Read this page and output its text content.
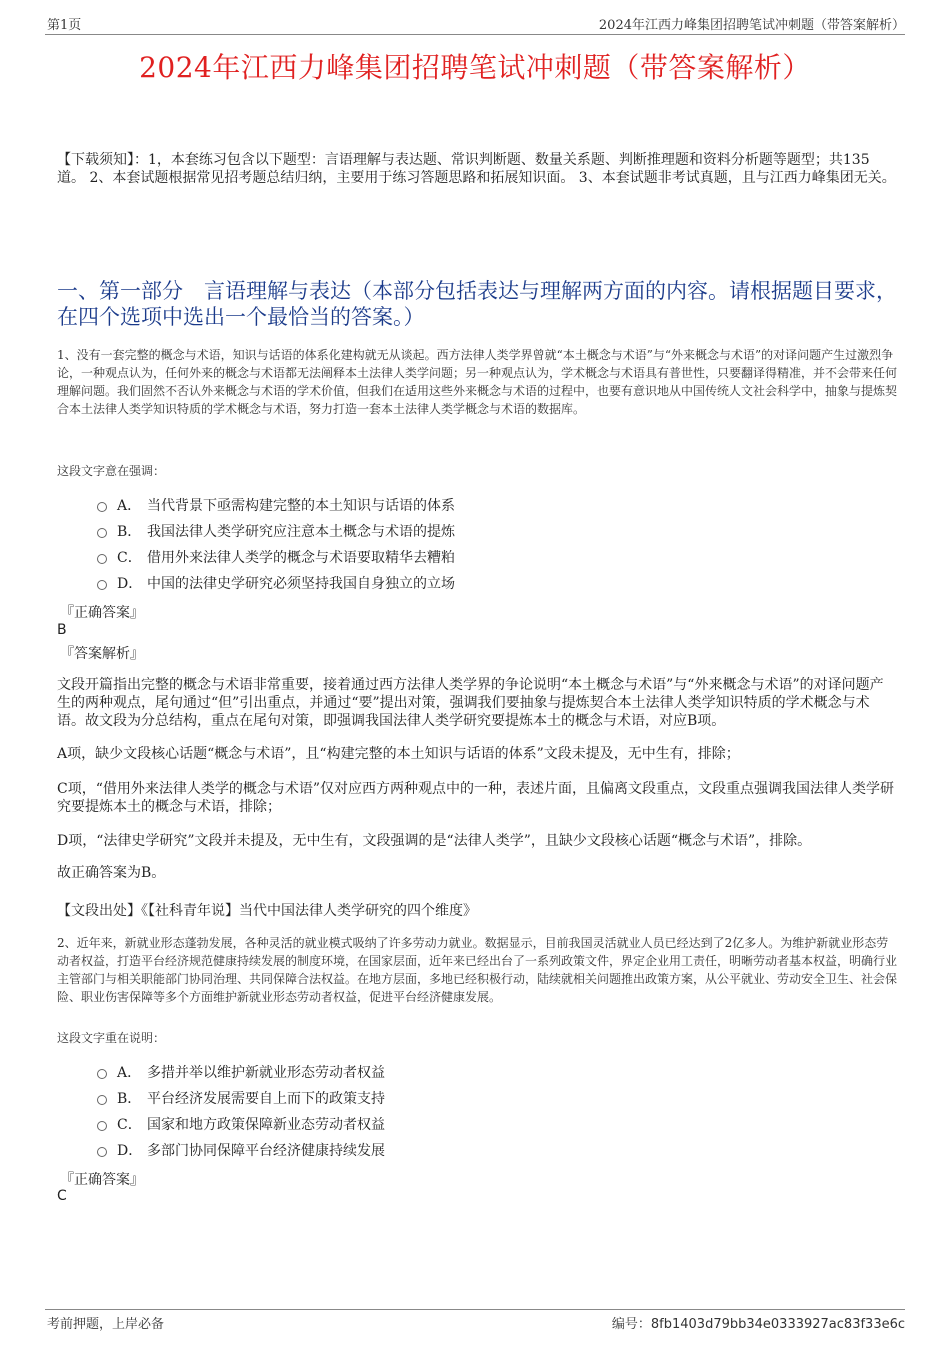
第1页	2024年江西力峰集团招聘笔试冲刺题（带答案解析）
2024年江西力峰集团招聘笔试冲刺题（带答案解析）
【下载须知】：1，本套练习包含以下题型：言语理解与表达题、常识判断题、数量关系题、判断推理题和资料分析题等题型；共135道。 2、本套试题根据常见招考题总结归纳，主要用于练习答题思路和拓展知识面。 3、本套试题非考试真题，且与江西力峰集团无关。
一、第一部分　言语理解与表达（本部分包括表达与理解两方面的内容。请根据题目要求，在四个选项中选出一个最恰当的答案。）
1、没有一套完整的概念与术语，知识与话语的体系化建构就无从谈起。西方法律人类学界曾就“本土概念与术语”与“外来概念与术语”的对译问题产生过激烈争论，一种观点认为，任何外来的概念与术语都无法阐释本土法律人类学问题；另一种观点认为，学术概念与术语具有普世性，只要翻译得精准，并不会带来任何理解问题。我们固然不否认外来概念与术语的学术价值，但我们在适用这些外来概念与术语的过程中，也要有意识地从中国传统人文社会科学中，抽象与提炼契合本土法律人类学知识特质的学术概念与术语，努力打造一套本土法律人类学概念与术语的数据库。
这段文字意在强调：
A． 当代背景下亟需构建完整的本土知识与话语的体系
B． 我国法律人类学研究应注意本土概念与术语的提炼
C． 借用外来法律人类学的概念与术语要取精华去糟粕
D． 中国的法律史学研究必须坚持我国自身独立的立场
『正确答案』
B
『答案解析』
文段开篇指出完整的概念与术语非常重要，接着通过西方法律人类学界的争论说明“本土概念与术语”与“外来概念与术语”的对译问题产生的两种观点，尾句通过“但”引出重点，并通过“要”提出对策，强调我们要抽象与提炼契合本土法律人类学知识特质的学术概念与术语。故文段为分总结构，重点在尾句对策，即强调我国法律人类学研究要提炼本土的概念与术语，对应B项。
A项，缺少文段核心话题“概念与术语”，且“构建完整的本土知识与话语的体系”文段未提及，无中生有，排除；
C项，“借用外来法律人类学的概念与术语”仅对应西方两种观点中的一种，表述片面，且偏离文段重点，文段重点强调我国法律人类学研究要提炼本土的概念与术语，排除；
D项，“法律史学研究”文段并未提及，无中生有，文段强调的是“法律人类学”，且缺少文段核心话题“概念与术语”，排除。
故正确答案为B。
【文段出处】《【社科青年说】当代中国法律人类学研究的四个维度》
2、近年来，新就业形态蓬勃发展，各种灵活的就业模式吸纳了许多劳动力就业。数据显示，目前我国灵活就业人员已经达到了2亿多人。为维护新就业形态劳动者权益，打造平台经济规范健康持续发展的制度环境，在国家层面，近年来已经出台了一系列政策文件，界定企业用工责任，明晰劳动者基本权益，明确行业主管部门与相关职能部门协同治理、共同保障合法权益。在地方层面，多地已经积极行动，陆续就相关问题推出政策方案，从公平就业、劳动安全卫生、社会保险、职业伤害保障等多个方面维护新就业形态劳动者权益，促进平台经济健康发展。
这段文字重在说明：
A． 多措并举以维护新就业形态劳动者权益
B． 平台经济发展需要自上而下的政策支持
C． 国家和地方政策保障新业态劳动者权益
D． 多部门协同保障平台经济健康持续发展
『正确答案』
C
考前押题，上岸必备	编号：8fb1403d79bb34e0333927ac83f33e6c
